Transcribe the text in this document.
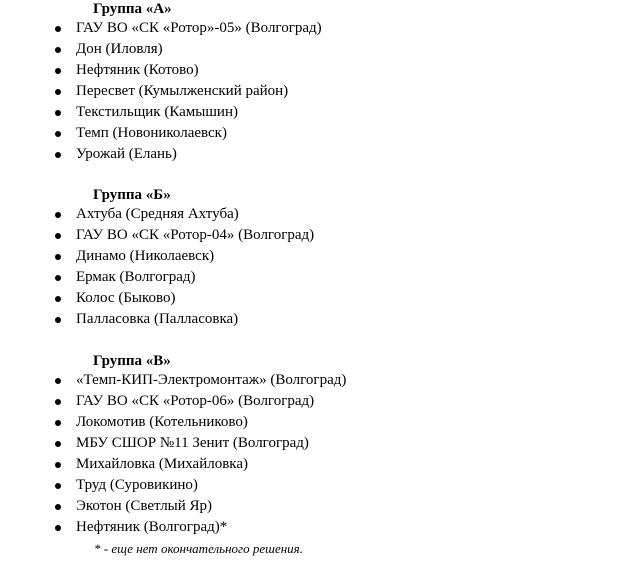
Группа «А»
ГАУ ВО «СК «Ротор»-05» (Волгоград)
Дон (Иловля)
Нефтяник (Котово)
Пересвет (Кумылженский район)
Текстильщик (Камышин)
Темп (Новониколаевск)
Урожай (Елань)
Группа «Б»
Ахтуба (Средняя Ахтуба)
ГАУ ВО «СК «Ротор-04» (Волгоград)
Динамо (Николаевск)
Ермак (Волгоград)
Колос (Быково)
Палласовка (Палласовка)
Группа «В»
«Темп-КИП-Электромонтаж» (Волгоград)
ГАУ ВО «СК «Ротор-06» (Волгоград)
Локомотив (Котельниково)
МБУ СШОР №11 Зенит (Волгоград)
Михайловка (Михайловка)
Труд (Суровикино)
Экотон (Светлый Яр)
Нефтяник (Волгоград)*
* - еще нет окончательного решения.
